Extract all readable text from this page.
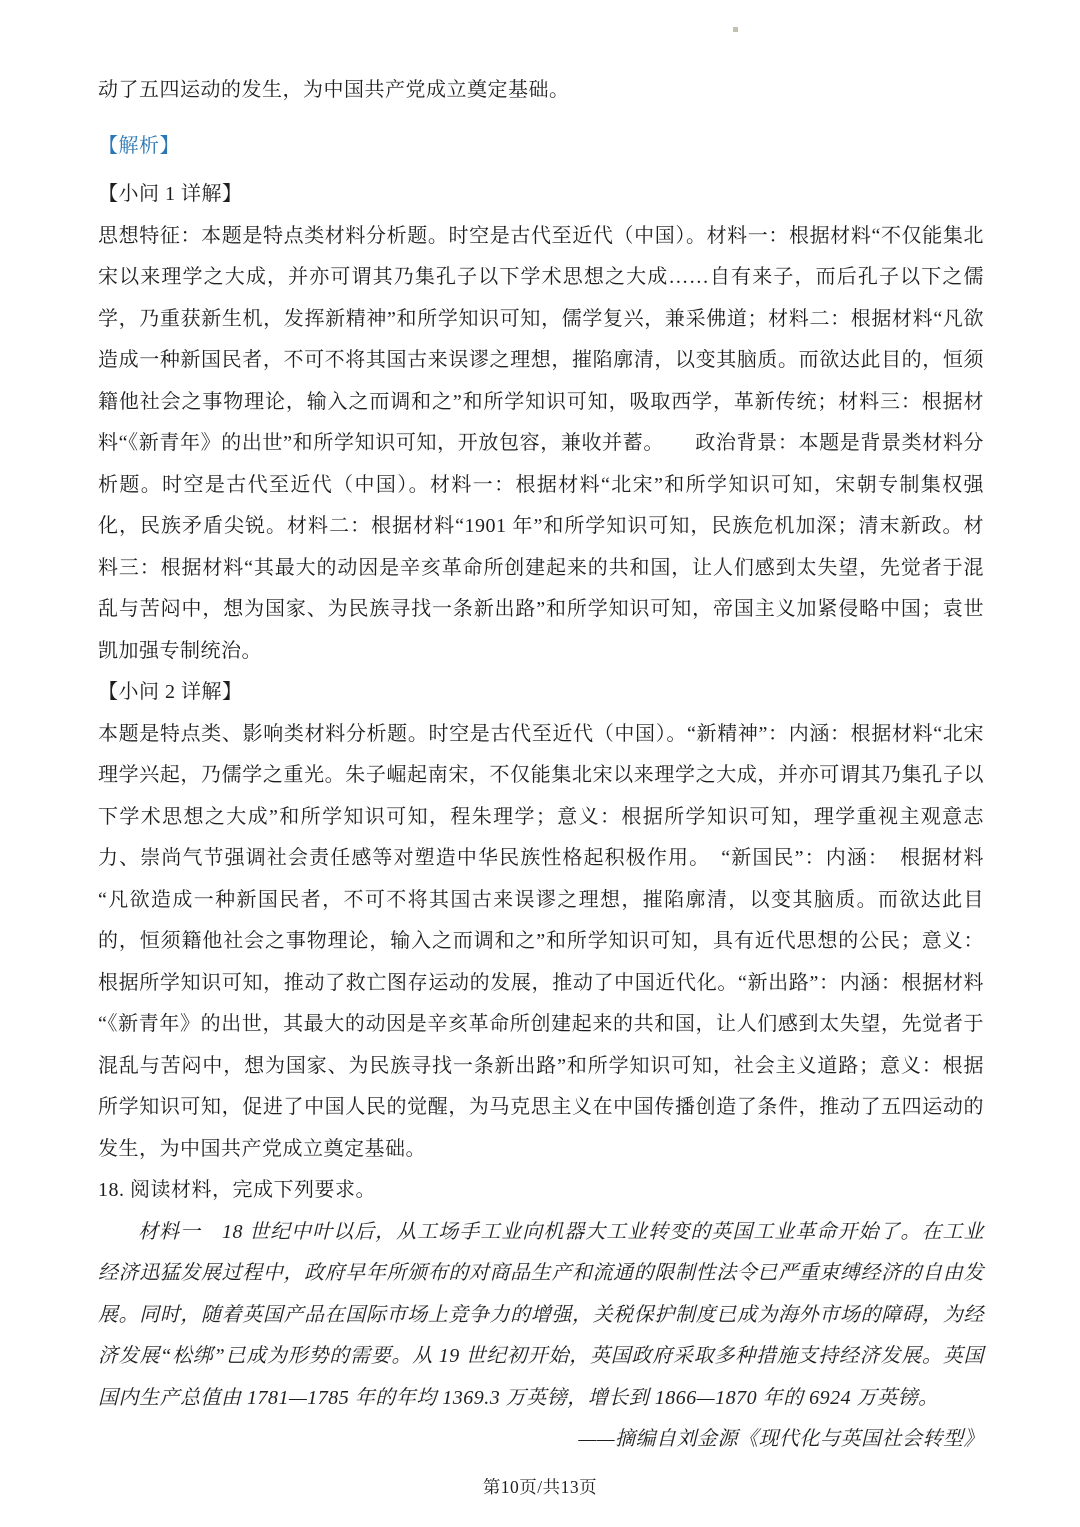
动了五四运动的发生，为中国共产党成立奠定基础。

【解析】

【小问 1 详解】

思想特征：本题是特点类材料分析题。时空是古代至近代（中国）。材料一：根据材料“不仅能集北宋以来理学之大成，并亦可谓其乃集孔子以下学术思想之大成……自有来子，而后孔子以下之儒学，乃重获新生机，发挥新精神”和所学知识可知，儒学复兴，兼采佛道；材料二：根据材料“凡欲造成一种新国民者，不可不将其国古来误谬之理想，摧陷廓清，以变其脑质。而欲达此目的，恒须籍他社会之事物理论，输入之而调和之”和所学知识可知，吸取西学，革新传统；材料三：根据材料“《新青年》的出世”和所学知识可知，开放包容，兼收并蓄。　　政治背景：本题是背景类材料分析题。时空是古代至近代（中国）。材料一：根据材料“北宋”和所学知识可知，宋朝专制集权强化，民族矛盾尖锐。材料二：根据材料“1901 年”和所学知识可知，民族危机加深；清末新政。材料三：根据材料“其最大的动因是辛亥革命所创建起来的共和国，让人们感到太失望，先觉者于混乱与苦闷中，想为国家、为民族寻找一条新出路”和所学知识可知，帝国主义加紧侵略中国；袁世凯加强专制统治。

【小问 2 详解】

本题是特点类、影响类材料分析题。时空是古代至近代（中国）。“新精神”：内涵：根据材料“北宋理学兴起，乃儒学之重光。朱子崛起南宋，不仅能集北宋以来理学之大成，并亦可谓其乃集孔子以下学术思想之大成”和所学知识可知，程朱理学；意义：根据所学知识可知，理学重视主观意志力、崇尚气节强调社会责任感等对塑造中华民族性格起积极作用。　“新国民”：内涵：　根据材料“凡欲造成一种新国民者，不可不将其国古来误谬之理想，摧陷廓清，以变其脑质。而欲达此目的，恒须籍他社会之事物理论，输入之而调和之”和所学知识可知，具有近代思想的公民；意义：根据所学知识可知，推动了救亡图存运动的发展，推动了中国近代化。“新出路”：内涵：根据材料“《新青年》的出世，其最大的动因是辛亥革命所创建起来的共和国，让人们感到太失望，先觉者于混乱与苦闷中，想为国家、为民族寻找一条新出路”和所学知识可知，社会主义道路；意义：根据所学知识可知，促进了中国人民的觉醒，为马克思主义在中国传播创造了条件，推动了五四运动的发生，为中国共产党成立奠定基础。

18. 阅读材料，完成下列要求。

材料一　18 世纪中叶以后，从工场手工业向机器大工业转变的英国工业革命开始了。在工业经济迅猛发展过程中，政府早年所颁布的对商品生产和流通的限制性法令已严重束缚经济的自由发展。同时，随着英国产品在国际市场上竞争力的增强，关税保护制度已成为海外市场的障碍，为经济发展“松绑”已成为形势的需要。从 19 世纪初开始，英国政府采取多种措施支持经济发展。英国国内生产总值由 1781—1785 年的年均 1369.3 万英镑，增长到 1866—1870 年的 6924 万英镑。

——摘编自刘金源《现代化与英国社会转型》

第10页/共13页
